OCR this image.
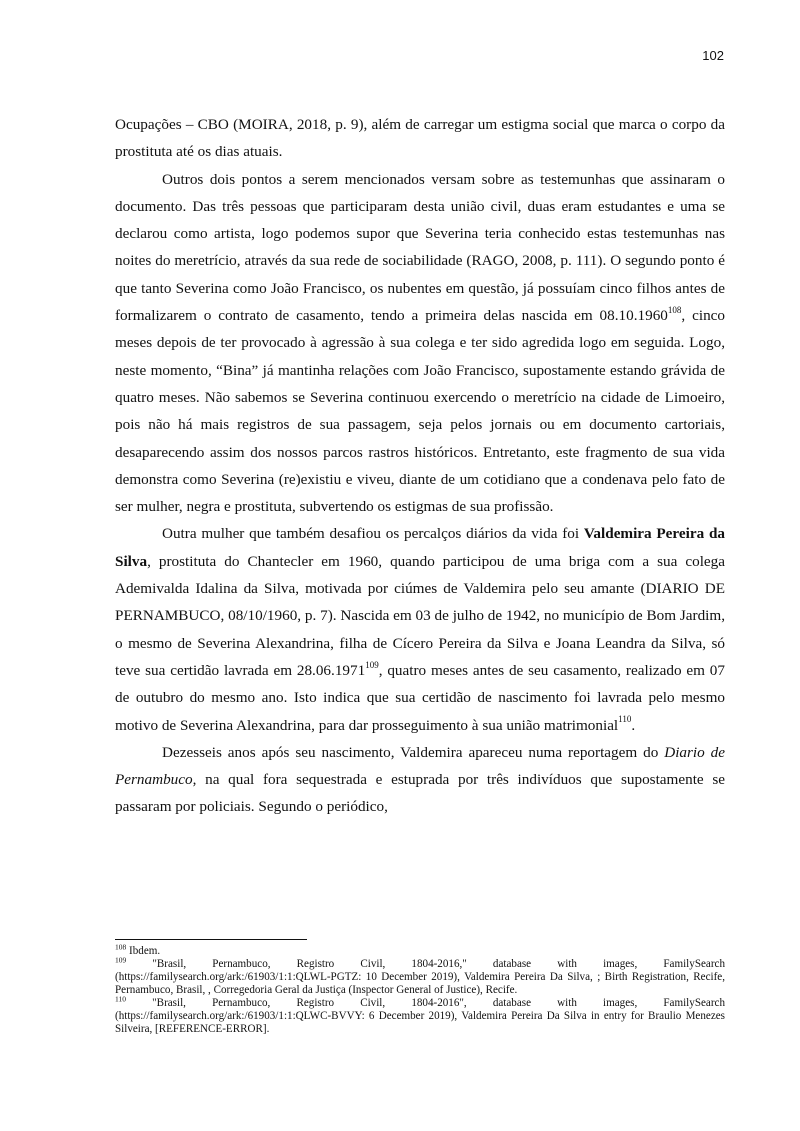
102

Ocupações – CBO (MOIRA, 2018, p. 9), além de carregar um estigma social que marca o corpo da prostituta até os dias atuais.

Outros dois pontos a serem mencionados versam sobre as testemunhas que assinaram o documento. Das três pessoas que participaram desta união civil, duas eram estudantes e uma se declarou como artista, logo podemos supor que Severina teria conhecido estas testemunhas nas noites do meretrício, através da sua rede de sociabilidade (RAGO, 2008, p. 111). O segundo ponto é que tanto Severina como João Francisco, os nubentes em questão, já possuíam cinco filhos antes de formalizarem o contrato de casamento, tendo a primeira delas nascida em 08.10.1960$^{108}$, cinco meses depois de ter provocado à agressão à sua colega e ter sido agredida logo em seguida. Logo, neste momento, “Bina” já mantinha relações com João Francisco, supostamente estando grávida de quatro meses. Não sabemos se Severina continuou exercendo o meretrício na cidade de Limoeiro, pois não há mais registros de sua passagem, seja pelos jornais ou em documento cartoriais, desaparecendo assim dos nossos parcos rastros históricos. Entretanto, este fragmento de sua vida demonstra como Severina (re)existiu e viveu, diante de um cotidiano que a condenava pelo fato de ser mulher, negra e prostituta, subvertendo os estigmas de sua profissão.

Outra mulher que também desafiou os percalços diários da vida foi Valdemira Pereira da Silva, prostituta do Chantecler em 1960, quando participou de uma briga com a sua colega Ademivalda Idalina da Silva, motivada por ciúmes de Valdemira pelo seu amante (DIARIO DE PERNAMBUCO, 08/10/1960, p. 7). Nascida em 03 de julho de 1942, no município de Bom Jardim, o mesmo de Severina Alexandrina, filha de Cícero Pereira da Silva e Joana Leandra da Silva, só teve sua certidão lavrada em 28.06.1971$^{109}$, quatro meses antes de seu casamento, realizado em 07 de outubro do mesmo ano. Isto indica que sua certidão de nascimento foi lavrada pelo mesmo motivo de Severina Alexandrina, para dar prosseguimento à sua união matrimonial$^{110}$.

Dezesseis anos após seu nascimento, Valdemira apareceu numa reportagem do Diario de Pernambuco, na qual fora sequestrada e estuprada por três indivíduos que supostamente se passaram por policiais. Segundo o periódico,

$^{108}$ Ibdem.

$^{109}$ "Brasil, Pernambuco, Registro Civil, 1804-2016," database with images, FamilySearch (https://familysearch.org/ark:/61903/1:1:QLWL-PGTZ: 10 December 2019), Valdemira Pereira Da Silva, ; Birth Registration, Recife, Pernambuco, Brasil, , Corregedoria Geral da Justiça (Inspector General of Justice), Recife.

$^{110}$ "Brasil, Pernambuco, Registro Civil, 1804-2016", database with images, FamilySearch (https://familysearch.org/ark:/61903/1:1:QLWC-BVVY: 6 December 2019), Valdemira Pereira Da Silva in entry for Braulio Menezes Silveira, [REFERENCE-ERROR].
